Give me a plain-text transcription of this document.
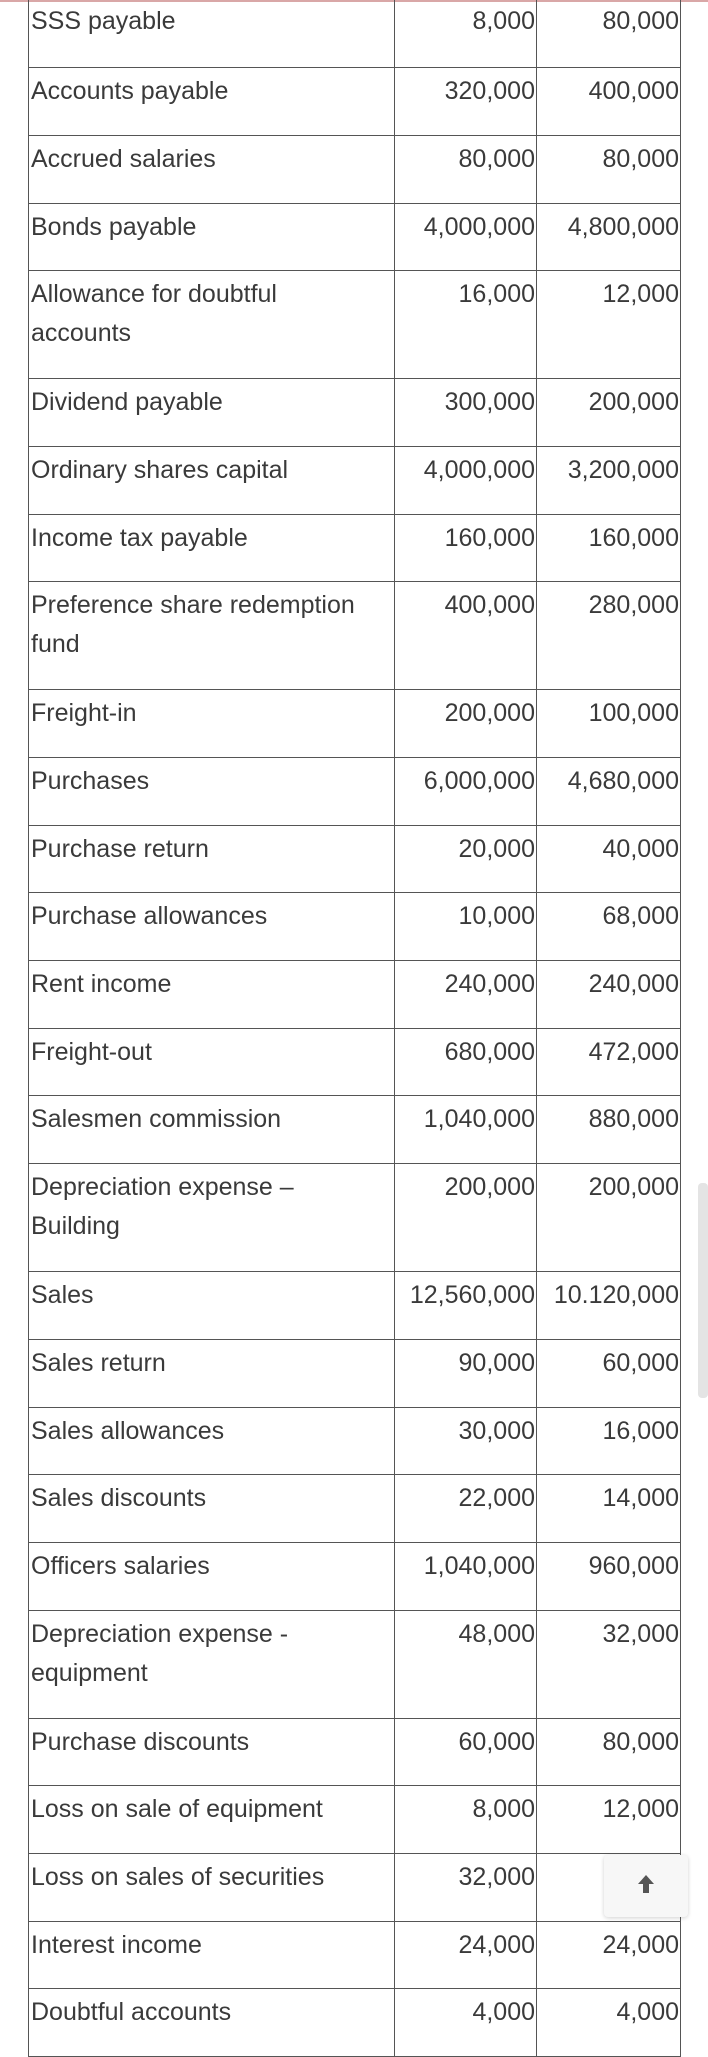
SSS payable	8,000	80,000
Accounts payable	320,000	400,000
Accrued salaries	80,000	80,000
Bonds payable	4,000,000	4,800,000
Allowance for doubtful accounts	16,000	12,000
Dividend payable	300,000	200,000
Ordinary shares capital	4,000,000	3,200,000
Income tax payable	160,000	160,000
Preference share redemption fund	400,000	280,000
Freight-in	200,000	100,000
Purchases	6,000,000	4,680,000
Purchase return	20,000	40,000
Purchase allowances	10,000	68,000
Rent income	240,000	240,000
Freight-out	680,000	472,000
Salesmen commission	1,040,000	880,000
Depreciation expense – Building	200,000	200,000
Sales	12,560,000	10.120,000
Sales return	90,000	60,000
Sales allowances	30,000	16,000
Sales discounts	22,000	14,000
Officers salaries	1,040,000	960,000
Depreciation expense - equipment	48,000	32,000
Purchase discounts	60,000	80,000
Loss on sale of equipment	8,000	12,000
Loss on sales of securities	32,000	
Interest income	24,000	24,000
Doubtful accounts	4,000	4,000
